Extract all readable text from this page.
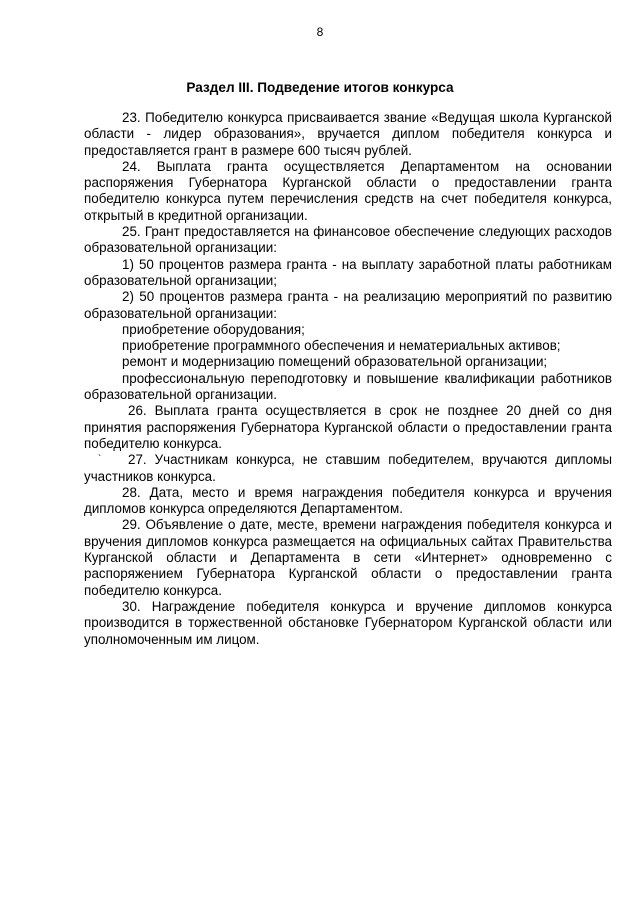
8
Раздел III. Подведение итогов конкурса

23. Победителю конкурса присваивается звание «Ведущая школа Курганской области - лидер образования», вручается диплом победителя конкурса и предоставляется грант в размере 600 тысяч рублей.

24. Выплата гранта осуществляется Департаментом на основании распоряжения Губернатора Курганской области о предоставлении гранта победителю конкурса путем перечисления средств на счет победителя конкурса, открытый в кредитной организации.

25. Грант предоставляется на финансовое обеспечение следующих расходов образовательной организации:

1) 50 процентов размера гранта - на выплату заработной платы работникам образовательной организации;

2) 50 процентов размера гранта - на реализацию мероприятий по развитию образовательной организации:

приобретение оборудования;

приобретение программного обеспечения и нематериальных активов;

ремонт и модернизацию помещений образовательной организации;

профессиональную переподготовку и повышение квалификации работников образовательной организации.

26. Выплата гранта осуществляется в срок не позднее 20 дней со дня принятия распоряжения Губернатора Курганской области о предоставлении гранта победителю конкурса.

27. Участникам конкурса, не ставшим победителем, вручаются дипломы участников конкурса.

28. Дата, место и время награждения победителя конкурса и вручения дипломов конкурса определяются Департаментом.

29. Объявление о дате, месте, времени награждения победителя конкурса и вручения дипломов конкурса размещается на официальных сайтах Правительства Курганской области и Департамента в сети «Интернет» одновременно с распоряжением Губернатора Курганской области о предоставлении гранта победителю конкурса.

30. Награждение победителя конкурса и вручение дипломов конкурса производится в торжественной обстановке Губернатором Курганской области или уполномоченным им лицом.

ˋ
